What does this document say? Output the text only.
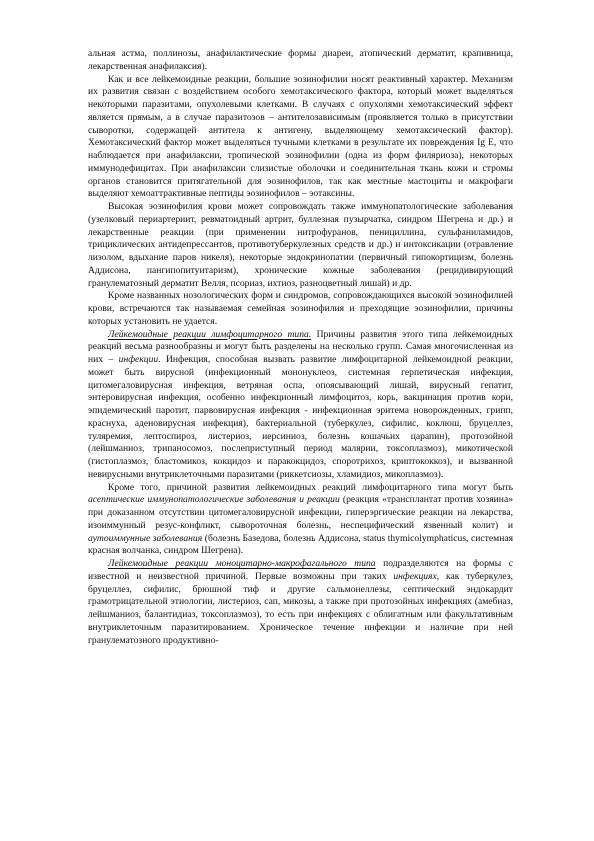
альная астма, поллинозы, анафилактические формы диареи, атопический дерматит, крапивница, лекарственная анафилаксия).

Как и все лейкемоидные реакции, большие эозинофилии носят реактивный характер. Механизм их развития связан с воздействием особого хемотаксического фактора, который может выделяться некоторыми паразитами, опухолевыми клетками. В случаях с опухолями хемотаксический эффект является прямым, а в случае паразитозов – антителозависимым (проявляется только в присутствии сыворотки, содержащей антитела к антигену, выделяющему хемотаксический фактор). Хемотаксический фактор может выделяться тучными клетками в результате их повреждения Ig E, что наблюдается при анафилаксии, тропической эозинофилии (одна из форм филяриоза), некоторых иммунодефицитах. При анафилаксии слизистые оболочки и соединительная ткань кожи и стромы органов становится притягательной для эозинофилов, так как местные мастоциты и макрофаги выделяют хемоаттрактивные пептиды эозинофилов – эотаксины.

Высокая эозинофилия крови может сопровождать также иммунопатологические заболевания (узелковый периартериит, ревматоидный артрит, буллезная пузырчатка, синдром Шегрена и др.) и лекарственные реакции (при применении нитрофуранов, пенициллина, сульфаниламидов, трициклических антидепрессантов, противотуберкулезных средств и др.) и интоксикации (отравление лизолом, вдыхание паров никеля), некоторые эндокринопатии (первичный гипокортицизм, болезнь Аддисона, пангипопитуитаризм), хронические кожные заболевания (рецидивирующий гранулематозный дерматит Велля, псориаз, ихтиоз, разноцветный лишай) и др.

Кроме названных нозологических форм и синдромов, сопровождающихся высокой эозинофилией крови, встречаются так называемая семейная эозинофилия и преходящие эозинофилии, причины которых установить не удается.

Лейкемоидные реакции лимфоцитарного типа. Причины развития этого типа лейкемоидных реакций весьма разнообразны и могут быть разделены на несколько групп. Самая многочисленная из них – инфекции. Инфекция, способная вызвать развитие лимфоцитарной лейкемоидной реакции, может быть вирусной (инфекционный мононуклеоз, системная герпетическая инфекция, цитомегаловирусная инфекция, ветряная оспа, опоясывающий лишай, вирусный гепатит, энтеровирусная инфекция, особенно инфекционный лимфоцитоз, корь, вакцинация против кори, эпидемический паротит, парвовирусная инфекция - инфекционная эритема новорожденных, грипп, краснуха, аденовирусная инфекция), бактериальной (туберкулез, сифилис, коклюш, бруцеллез, туляремия, лептоспироз, листериоз, иерсиниоз, болезнь кошачьих царапин), протозойной (лейшманиоз, трипаносомоз, послеприступный период малярии, токсоплазмоз), микотической (гистоплазмоз, бластомикоз, кокцидоз и паракокцидоз, споротрихоз, криптококкоз), и вызванной невирусными внутриклеточными паразитами (риккетсиозы, хламидиоз, микоплазмоз).

Кроме того, причиной развития лейкемоидных реакций лимфоцитарного типа могут быть асептические иммунопатологические заболевания и реакции (реакция «трансплантат против хозяина» при доказанном отсутствии цитомегаловирусной инфекции, гиперэргические реакции на лекарства, изоиммунный резус-конфликт, сывороточная болезнь, неспецифический язвенный колит) и аутоиммунные заболевания (болезнь Базедова, болезнь Аддисона, status thymicolymphaticus, системная красная волчанка, синдром Шегрена).

Лейкемоидные реакции моноцитарно-макрофагального типа подразделяются на формы с известной и неизвестной причиной. Первые возможны при таких инфекциях, как туберкулез, бруцеллез, сифилис, брюшной тиф и другие сальмонеллезы, септический эндокардит грамотрицательной этиологии, листериоз, сап, микозы, а также при протозойных инфекциях (амебиаз, лейшманиоз, балантидиаз, токсоплазмоз), то есть при инфекциях с облигатным или факультативным внутриклеточным паразитированием. Хроническое течение инфекции и наличие при ней гранулематозного продуктивно-
